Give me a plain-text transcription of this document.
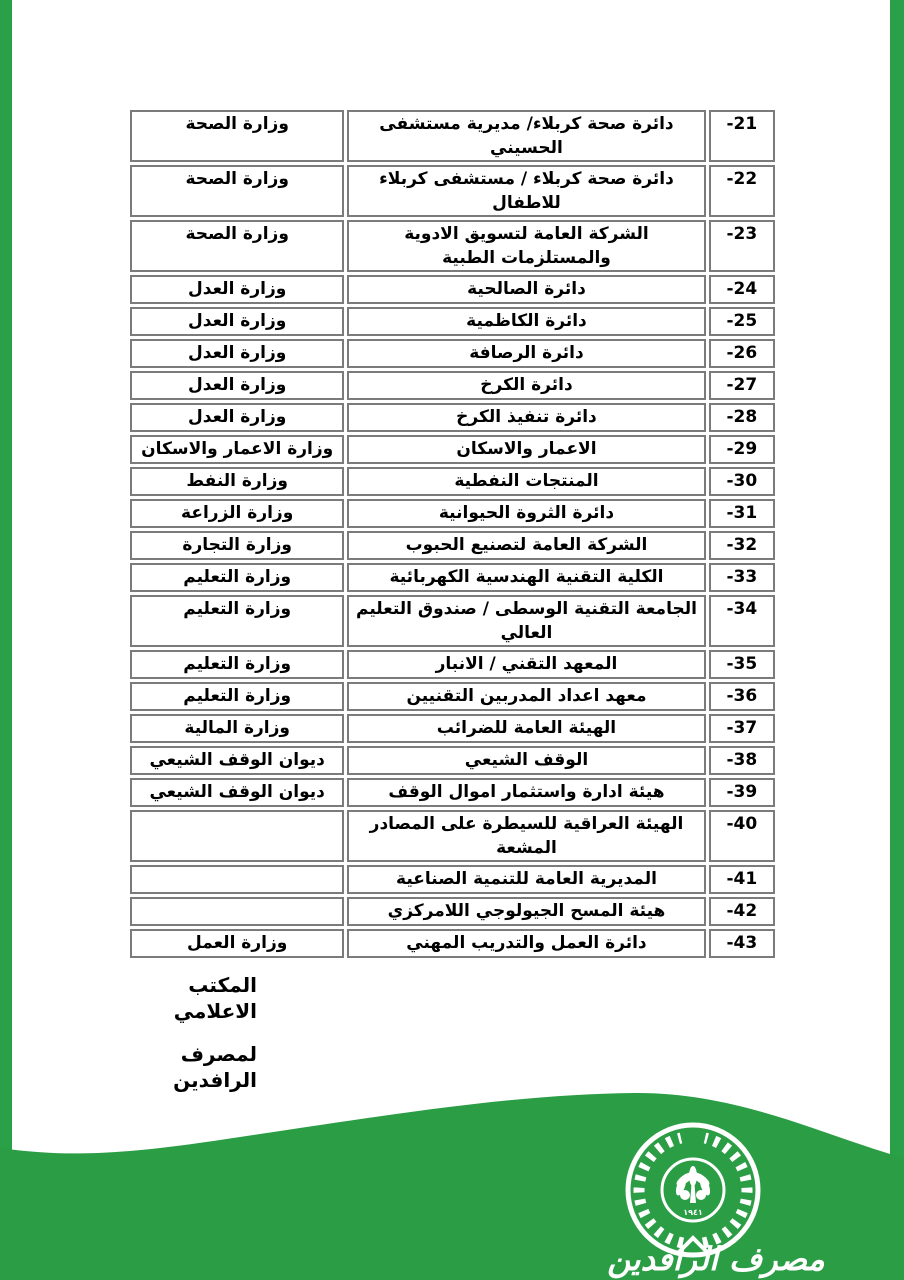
-21	دائرة صحة كربلاء/ مديرية مستشفى الحسيني	وزارة الصحة
-22	دائرة صحة كربلاء / مستشفى كربلاء للاطفال	وزارة الصحة
-23	الشركة العامة لتسويق الادوية والمستلزمات الطبية	وزارة الصحة
-24	دائرة الصالحية	وزارة العدل
-25	دائرة الكاظمية	وزارة العدل
-26	دائرة الرصافة	وزارة العدل
-27	دائرة الكرخ	وزارة العدل
-28	دائرة تنفيذ الكرخ	وزارة العدل
-29	الاعمار والاسكان	وزارة الاعمار والاسكان
-30	المنتجات النفطية	وزارة النفط
-31	دائرة الثروة الحيوانية	وزارة الزراعة
-32	الشركة العامة لتصنيع الحبوب	وزارة التجارة
-33	الكلية التقنية الهندسية الكهربائية	وزارة التعليم
-34	الجامعة التقنية الوسطى / صندوق التعليم العالي	وزارة التعليم
-35	المعهد التقني / الانبار	وزارة التعليم
-36	معهد اعداد المدربين التقنيين	وزارة التعليم
-37	الهيئة العامة للضرائب	وزارة المالية
-38	الوقف الشيعي	ديوان الوقف الشيعي
-39	هيئة ادارة واستثمار اموال الوقف	ديوان الوقف الشيعي
-40	الهيئة العراقية للسيطرة على المصادر المشعة	
-41	المديرية العامة للتنمية الصناعية	
-42	هيئة المسح الجيولوجي اللامركزي	
-43	دائرة العمل والتدريب المهني	وزارة العمل
المكتب الاعلامي
لمصرف الرافدين
١٩٤١
مصرف الرافدين
